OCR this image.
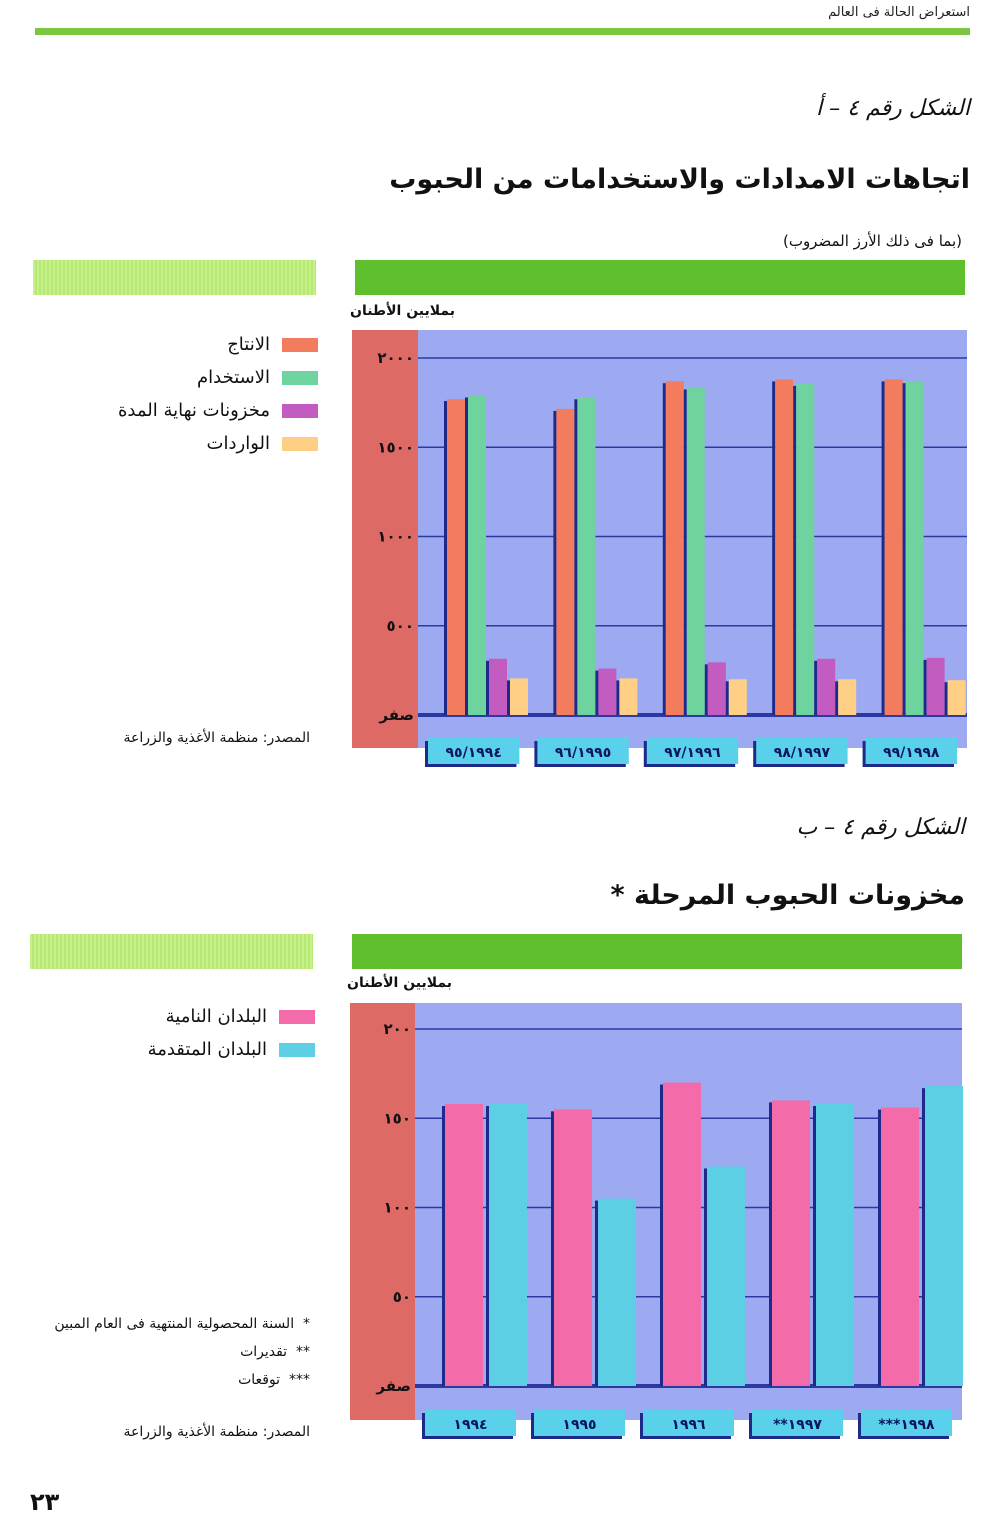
استعراض الحالة فى العالم
الشكل رقم ٤ – أ
اتجاهات الامدادات والاستخدامات من الحبوب
(بما فى ذلك الأرز المضروب)
بملايين الأطنان
الانتاج
الاستخدام
مخزونات نهاية المدة
الواردات
المصدر: منظمة الأغذية والزراعة
صفر
٥٠٠
١٠٠٠
١٥٠٠
٢٠٠٠
٩٥/١٩٩٤	٩٦/١٩٩٥	٩٧/١٩٩٦	٩٨/١٩٩٧	٩٩/١٩٩٨
الشكل رقم ٤ – ب
مخزونات الحبوب المرحلة *
بملايين الأطنان
البلدان النامية
البلدان المتقدمة
*  السنة المحصولية المنتهية فى العام المبين
**  تقديرات
***  توقعات
المصدر: منظمة الأغذية والزراعة
صفر
٥٠
١٠٠
١٥٠
٢٠٠
١٩٩٤	١٩٩٥	١٩٩٦	**١٩٩٧	***١٩٩٨
٢٣
